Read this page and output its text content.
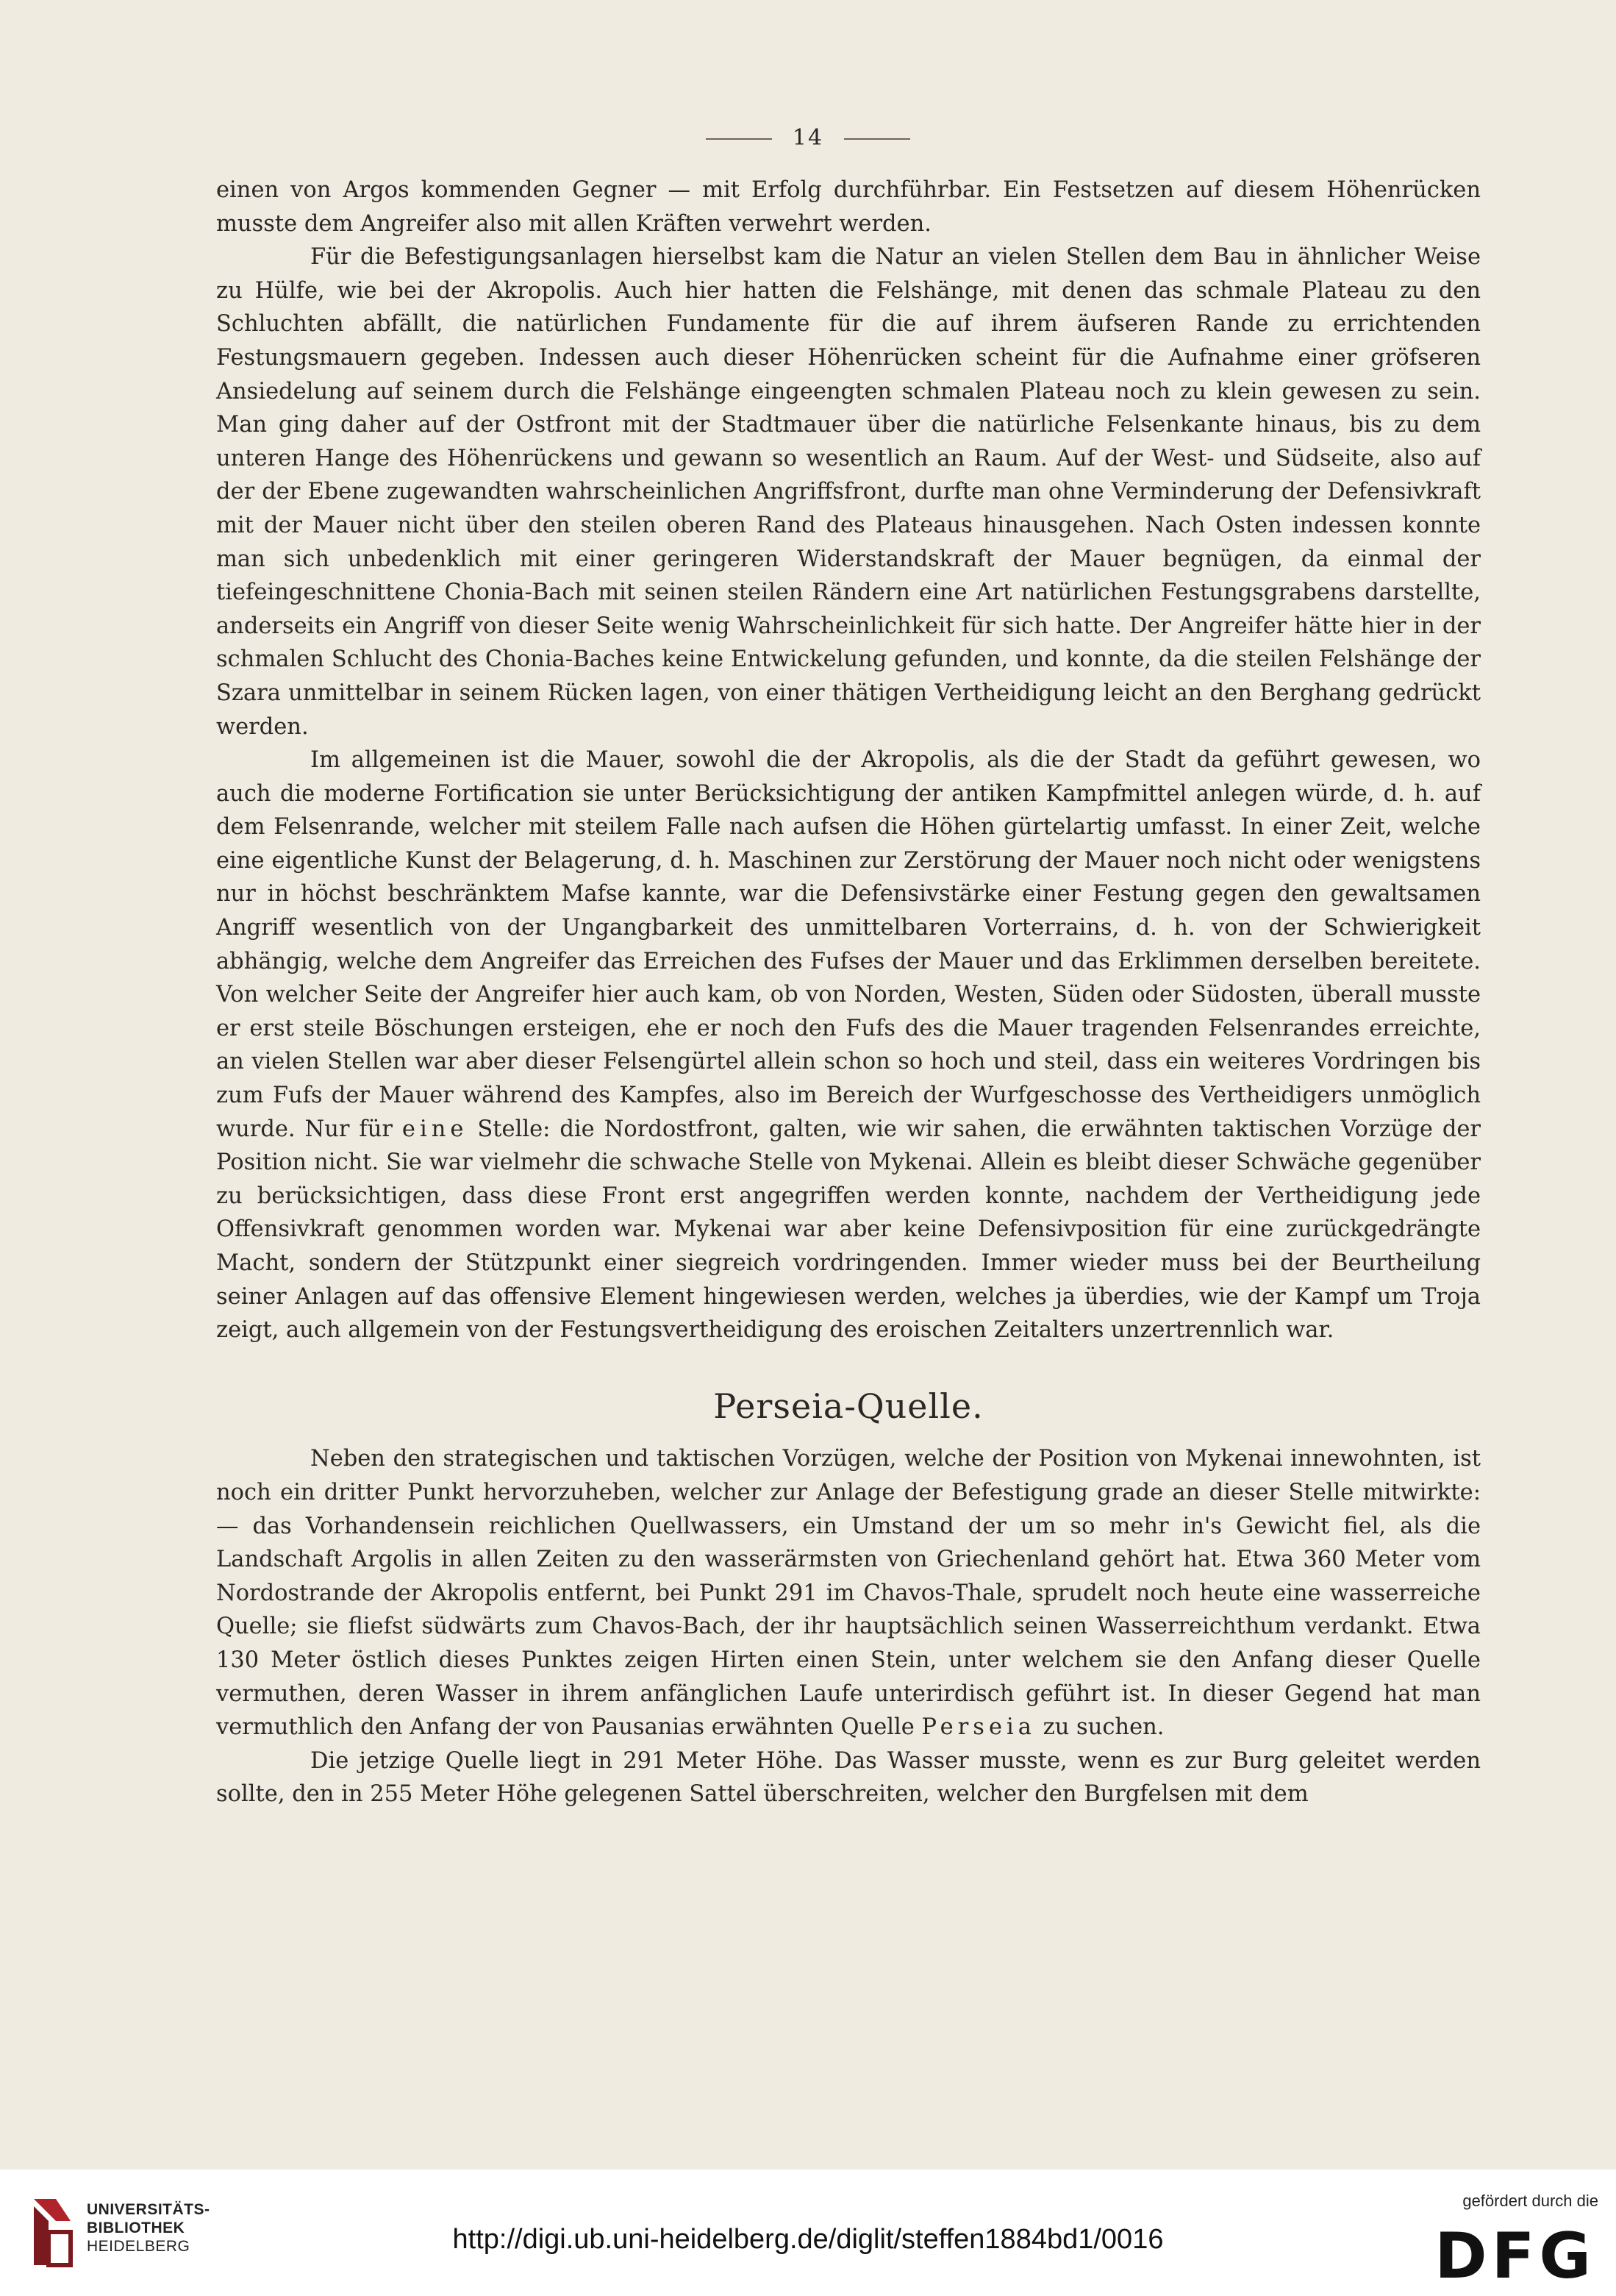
14

einen von Argos kommenden Gegner — mit Erfolg durchführbar. Ein Festsetzen auf diesem Höhenrücken musste dem Angreifer also mit allen Kräften verwehrt werden.

Für die Befestigungsanlagen hierselbst kam die Natur an vielen Stellen dem Bau in ähnlicher Weise zu Hülfe, wie bei der Akropolis. Auch hier hatten die Felshänge, mit denen das schmale Plateau zu den Schluchten abfällt, die natürlichen Fundamente für die auf ihrem äufseren Rande zu errichtenden Festungsmauern gegeben. Indessen auch dieser Höhenrücken scheint für die Aufnahme einer gröfseren Ansiedelung auf seinem durch die Felshänge eingeengten schmalen Plateau noch zu klein gewesen zu sein. Man ging daher auf der Ostfront mit der Stadtmauer über die natürliche Felsenkante hinaus, bis zu dem unteren Hange des Höhenrückens und gewann so wesentlich an Raum. Auf der West- und Südseite, also auf der der Ebene zugewandten wahrscheinlichen Angriffsfront, durfte man ohne Verminderung der Defensivkraft mit der Mauer nicht über den steilen oberen Rand des Plateaus hinausgehen. Nach Osten indessen konnte man sich unbedenklich mit einer geringeren Widerstandskraft der Mauer begnügen, da einmal der tiefeingeschnittene Chonia-Bach mit seinen steilen Rändern eine Art natürlichen Festungsgrabens darstellte, anderseits ein Angriff von dieser Seite wenig Wahrscheinlichkeit für sich hatte. Der Angreifer hätte hier in der schmalen Schlucht des Chonia-Baches keine Entwickelung gefunden, und konnte, da die steilen Felshänge der Szara unmittelbar in seinem Rücken lagen, von einer thätigen Vertheidigung leicht an den Berghang gedrückt werden.

Im allgemeinen ist die Mauer, sowohl die der Akropolis, als die der Stadt da geführt gewesen, wo auch die moderne Fortification sie unter Berücksichtigung der antiken Kampfmittel anlegen würde, d. h. auf dem Felsenrande, welcher mit steilem Falle nach aufsen die Höhen gürtelartig umfasst. In einer Zeit, welche eine eigentliche Kunst der Belagerung, d. h. Maschinen zur Zerstörung der Mauer noch nicht oder wenigstens nur in höchst beschränktem Mafse kannte, war die Defensivstärke einer Festung gegen den gewaltsamen Angriff wesentlich von der Ungangbarkeit des unmittelbaren Vorterrains, d. h. von der Schwierigkeit abhängig, welche dem Angreifer das Erreichen des Fufses der Mauer und das Erklimmen derselben bereitete. Von welcher Seite der Angreifer hier auch kam, ob von Norden, Westen, Süden oder Südosten, überall musste er erst steile Böschungen ersteigen, ehe er noch den Fufs des die Mauer tragenden Felsenrandes erreichte, an vielen Stellen war aber dieser Felsengürtel allein schon so hoch und steil, dass ein weiteres Vordringen bis zum Fufs der Mauer während des Kampfes, also im Bereich der Wurfgeschosse des Vertheidigers unmöglich wurde. Nur für eine Stelle: die Nordostfront, galten, wie wir sahen, die erwähnten taktischen Vorzüge der Position nicht. Sie war vielmehr die schwache Stelle von Mykenai. Allein es bleibt dieser Schwäche gegenüber zu berücksichtigen, dass diese Front erst angegriffen werden konnte, nachdem der Vertheidigung jede Offensivkraft genommen worden war. Mykenai war aber keine Defensivposition für eine zurückgedrängte Macht, sondern der Stützpunkt einer siegreich vordringenden. Immer wieder muss bei der Beurtheilung seiner Anlagen auf das offensive Element hingewiesen werden, welches ja überdies, wie der Kampf um Troja zeigt, auch allgemein von der Festungsvertheidigung des eroischen Zeitalters unzertrennlich war.

Perseia-Quelle.

Neben den strategischen und taktischen Vorzügen, welche der Position von Mykenai innewohnten, ist noch ein dritter Punkt hervorzuheben, welcher zur Anlage der Befestigung grade an dieser Stelle mitwirkte: — das Vorhandensein reichlichen Quellwassers, ein Umstand der um so mehr in's Gewicht fiel, als die Landschaft Argolis in allen Zeiten zu den wasserärmsten von Griechenland gehört hat. Etwa 360 Meter vom Nordostrande der Akropolis entfernt, bei Punkt 291 im Chavos-Thale, sprudelt noch heute eine wasserreiche Quelle; sie fliefst südwärts zum Chavos-Bach, der ihr hauptsächlich seinen Wasserreichthum verdankt. Etwa 130 Meter östlich dieses Punktes zeigen Hirten einen Stein, unter welchem sie den Anfang dieser Quelle vermuthen, deren Wasser in ihrem anfänglichen Laufe unterirdisch geführt ist. In dieser Gegend hat man vermuthlich den Anfang der von Pausanias erwähnten Quelle Perseia zu suchen.

Die jetzige Quelle liegt in 291 Meter Höhe. Das Wasser musste, wenn es zur Burg geleitet werden sollte, den in 255 Meter Höhe gelegenen Sattel überschreiten, welcher den Burgfelsen mit dem

UNIVERSITÄTS-
BIBLIOTHEK
HEIDELBERG	http://digi.ub.uni-heidelberg.de/diglit/steffen1884bd1/0016
gefördert durch die
DFG
